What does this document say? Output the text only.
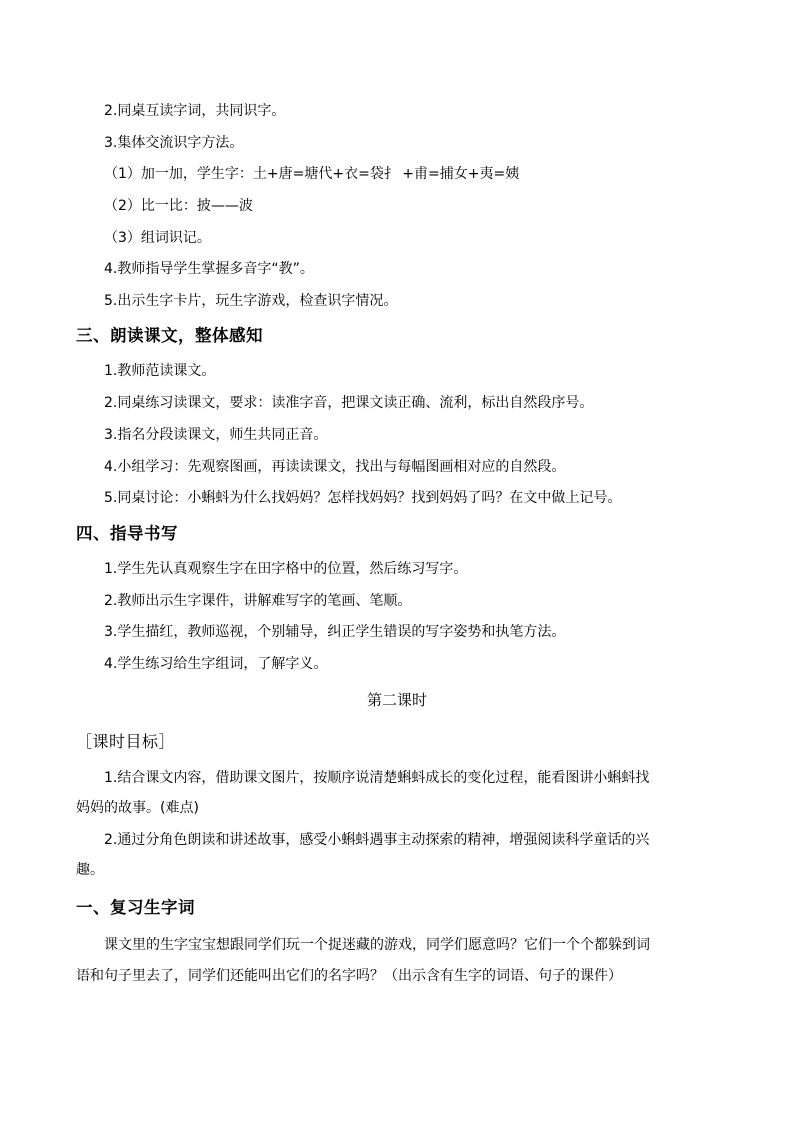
2.同桌互读字词，共同识字。
3.集体交流识字方法。
（1）加一加，学生字：土+唐=塘代+衣=袋扌 +甫=捕女+夷=姨
（2）比一比：披——波
（3）组词识记。
4.教师指导学生掌握多音字“教”。
5.出示生字卡片，玩生字游戏，检查识字情况。
三、朗读课文，整体感知
1.教师范读课文。
2.同桌练习读课文，要求：读准字音，把课文读正确、流利，标出自然段序号。
3.指名分段读课文，师生共同正音。
4.小组学习：先观察图画，再读读课文，找出与每幅图画相对应的自然段。
5.同桌讨论：小蝌蚪为什么找妈妈？怎样找妈妈？找到妈妈了吗？在文中做上记号。
四、指导书写
1.学生先认真观察生字在田字格中的位置，然后练习写字。
2.教师出示生字课件，讲解难写字的笔画、笔顺。
3.学生描红，教师巡视，个别辅导，纠正学生错误的写字姿势和执笔方法。
4.学生练习给生字组词，了解字义。
第二课时
［课时目标］
1.结合课文内容，借助课文图片，按顺序说清楚蝌蚪成长的变化过程，能看图讲小蝌蚪找
妈妈的故事。(难点)
2.通过分角色朗读和讲述故事，感受小蝌蚪遇事主动探索的精神，增强阅读科学童话的兴
趣。
一、复习生字词
课文里的生字宝宝想跟同学们玩一个捉迷藏的游戏，同学们愿意吗？它们一个个都躲到词
语和句子里去了，同学们还能叫出它们的名字吗？（出示含有生字的词语、句子的课件）
